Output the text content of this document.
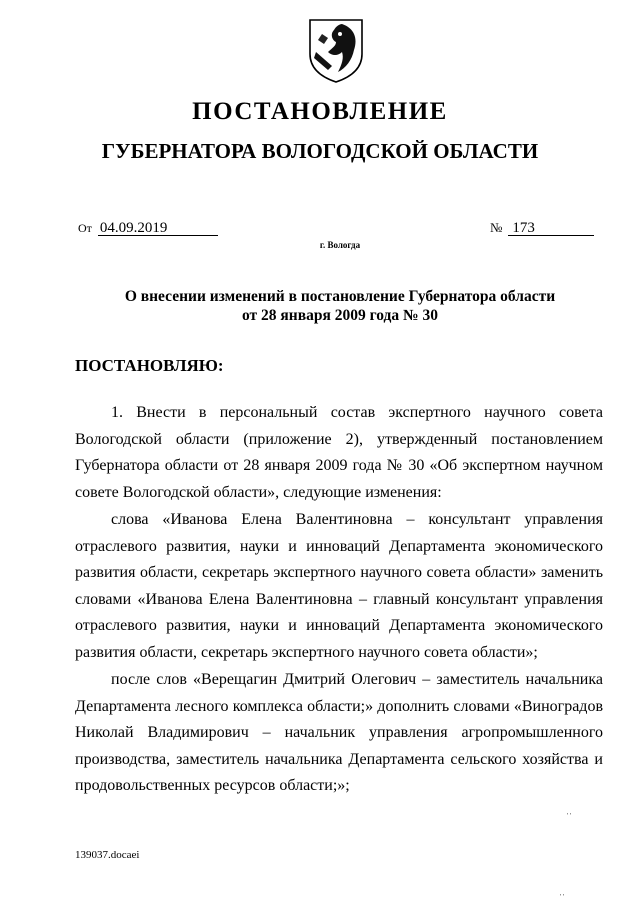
ПОСТАНОВЛЕНИЕ
ГУБЕРНАТОРА ВОЛОГОДСКОЙ ОБЛАСТИ
От 04.09.2019	№ 173
г. Вологда
О внесении изменений в постановление Губернатора области
от 28 января 2009 года № 30
ПОСТАНОВЛЯЮ:

1. Внести в персональный состав экспертного научного совета Вологодской области (приложение 2), утвержденный постановлением Губернатора области от 28 января 2009 года № 30 «Об экспертном научном совете Вологодской области», следующие изменения:

слова «Иванова Елена Валентиновна – консультант управления отраслевого развития, науки и инноваций Департамента экономического развития области, секретарь экспертного научного совета области» заменить словами «Иванова Елена Валентиновна – главный консультант управления отраслевого развития, науки и инноваций Департамента экономического развития области, секретарь экспертного научного совета области»;

после слов «Верещагин Дмитрий Олегович – заместитель начальника Департамента лесного комплекса области;» дополнить словами «Виноградов Николай Владимирович – начальник управления агропромышленного производства, заместитель начальника Департамента сельского хозяйства и продовольственных ресурсов области;»;

' '
139037.docaei
' '
